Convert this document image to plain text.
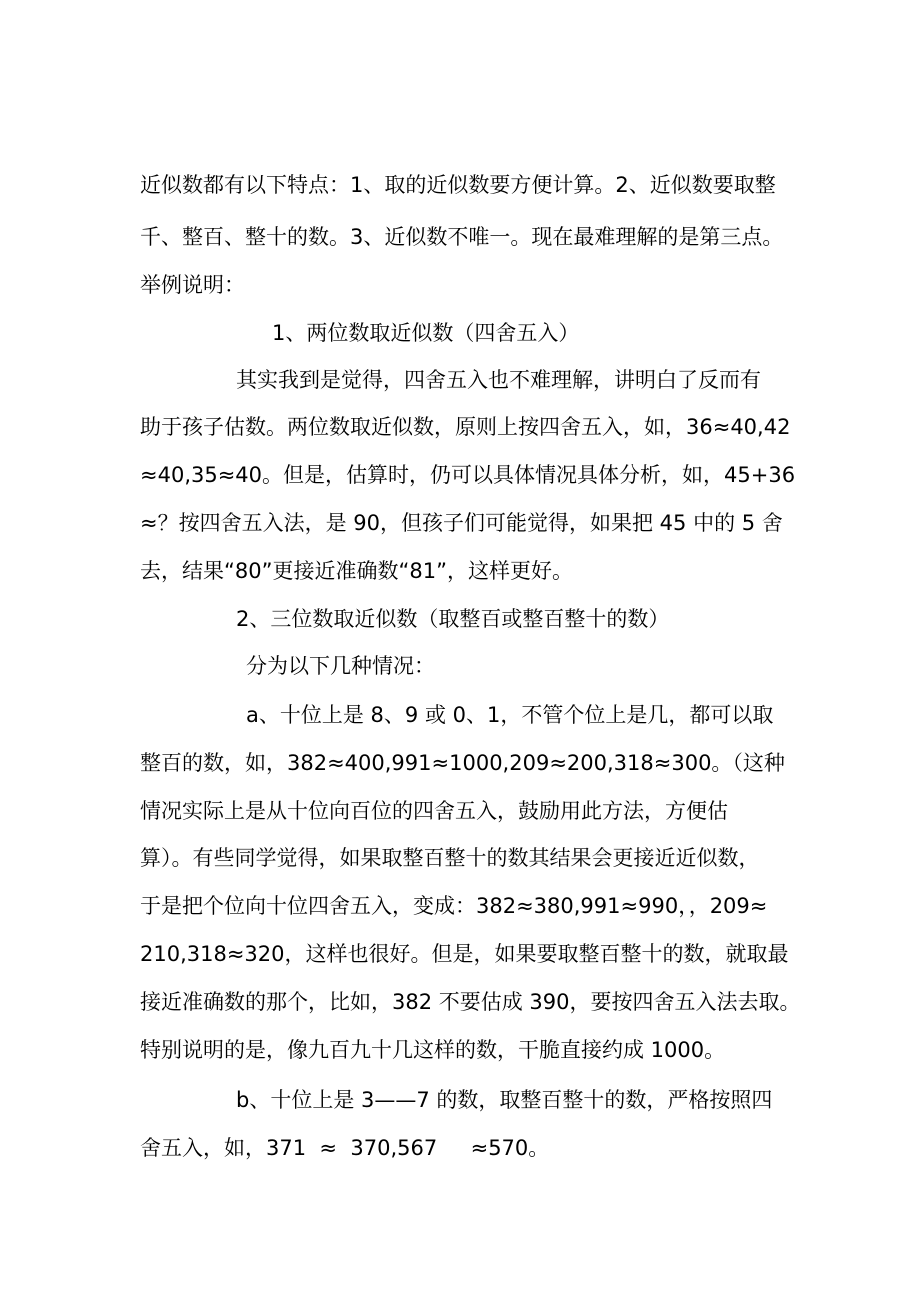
近似数都有以下特点：1、取的近似数要方便计算。2、近似数要取整
千、整百、整十的数。3、近似数不唯一。现在最难理解的是第三点。
举例说明：
1、两位数取近似数（四舍五入）
其实我到是觉得，四舍五入也不难理解，讲明白了反而有
助于孩子估数。两位数取近似数，原则上按四舍五入，如，36≈40,42
≈40,35≈40。但是，估算时，仍可以具体情况具体分析，如，45+36
≈？按四舍五入法，是 90，但孩子们可能觉得，如果把 45 中的 5 舍
去，结果“80”更接近准确数“81”，这样更好。
2、三位数取近似数（取整百或整百整十的数）
分为以下几种情况：
a、十位上是 8、9 或 0、1，不管个位上是几，都可以取
整百的数，如，382≈400,991≈1000,209≈200,318≈300。（这种
情况实际上是从十位向百位的四舍五入，鼓励用此方法，方便估
算）。有些同学觉得，如果取整百整十的数其结果会更接近近似数，
于是把个位向十位四舍五入，变成：382≈380,991≈990，，209≈
210,318≈320，这样也很好。但是，如果要取整百整十的数，就取最
接近准确数的那个，比如，382 不要估成 390，要按四舍五入法去取。
特别说明的是，像九百九十几这样的数，干脆直接约成 1000。
b、十位上是 3——7 的数，取整百整十的数，严格按照四
舍五入，如，371  ≈  370,567     ≈570。
